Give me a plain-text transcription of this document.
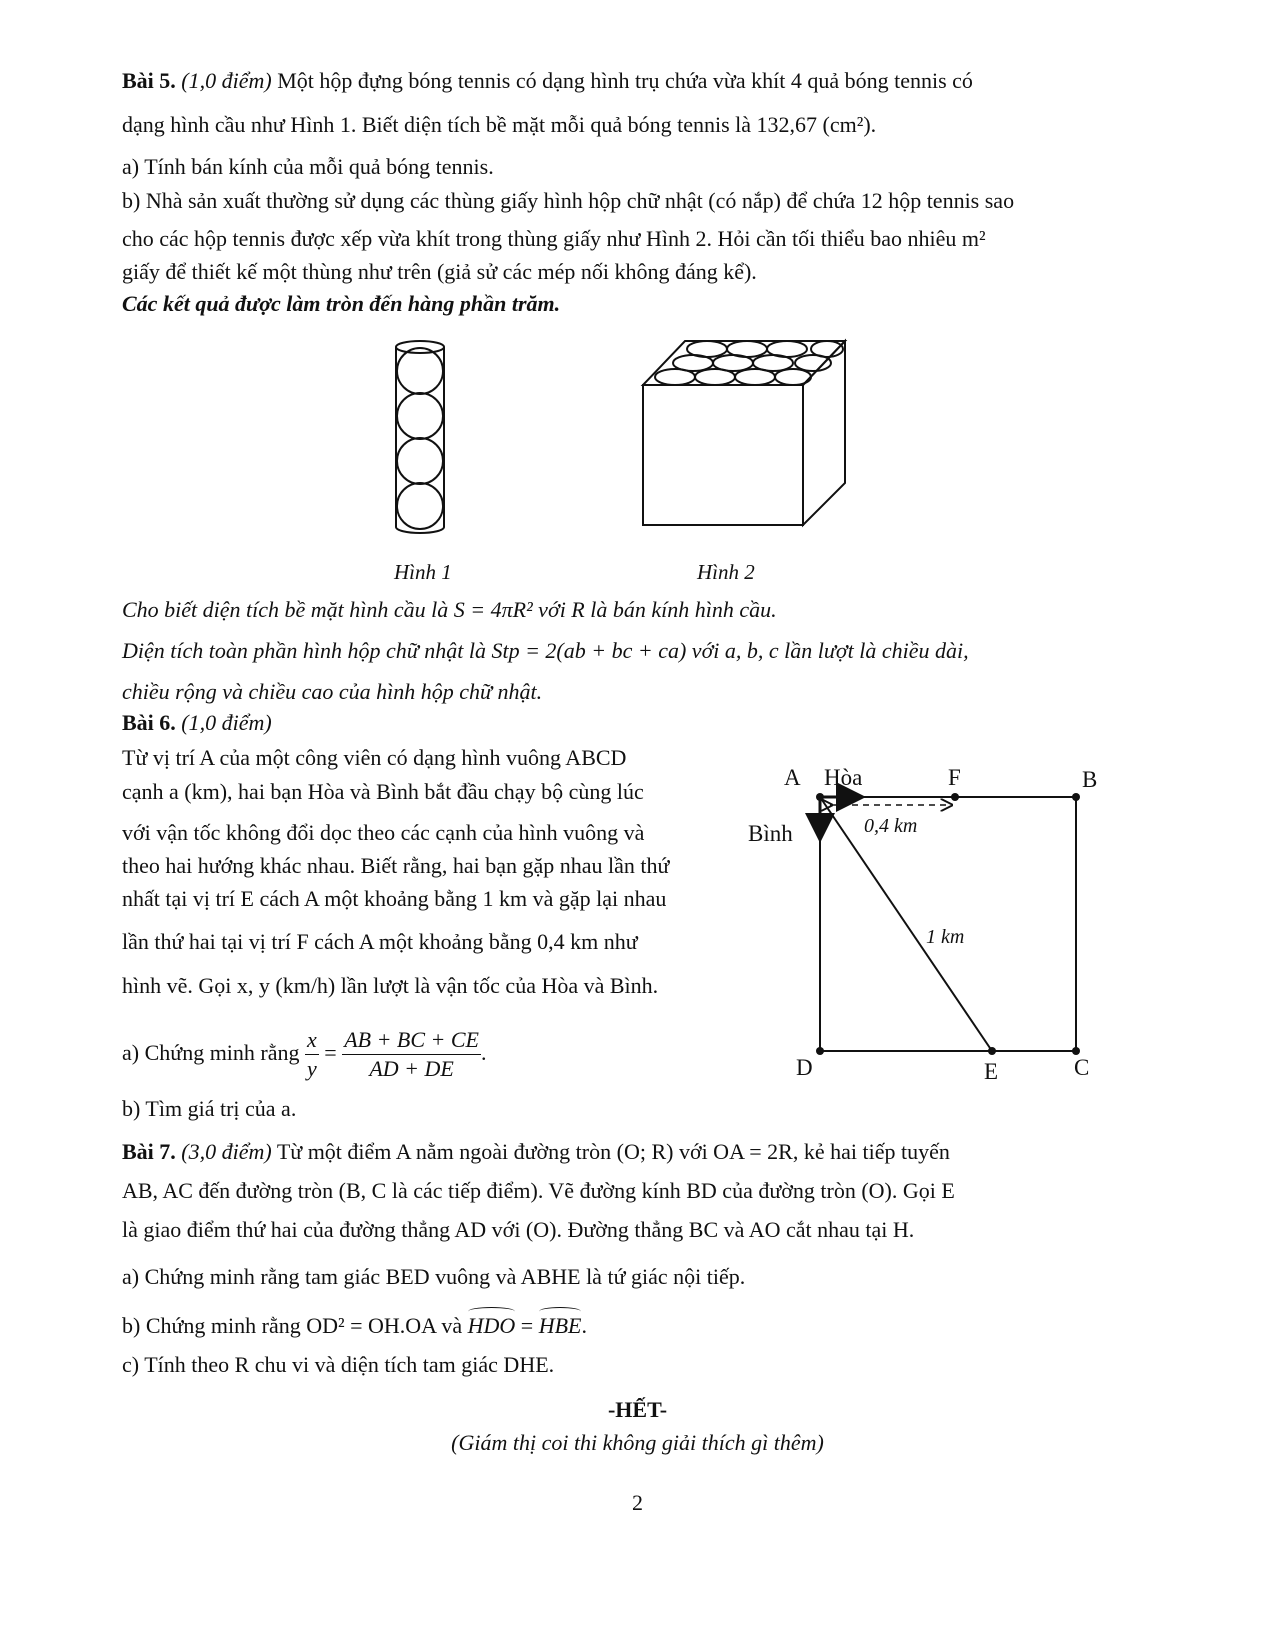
Bài 5. (1,0 điểm) Một hộp đựng bóng tennis có dạng hình trụ chứa vừa khít 4 quả bóng tennis có
dạng hình cầu như Hình 1. Biết diện tích bề mặt mỗi quả bóng tennis là 132,67 (cm²).
a) Tính bán kính của mỗi quả bóng tennis.
b) Nhà sản xuất thường sử dụng các thùng giấy hình hộp chữ nhật (có nắp) để chứa 12 hộp tennis sao
cho các hộp tennis được xếp vừa khít trong thùng giấy như Hình 2. Hỏi cần tối thiểu bao nhiêu m²
giấy để thiết kế một thùng như trên (giả sử các mép nối không đáng kể).
Các kết quả được làm tròn đến hàng phần trăm.
Hình 1	Hình 2
Cho biết diện tích bề mặt hình cầu là S = 4πR² với R là bán kính hình cầu.
Diện tích toàn phần hình hộp chữ nhật là Stp = 2(ab + bc + ca) với a, b, c lần lượt là chiều dài,
chiều rộng và chiều cao của hình hộp chữ nhật.
Bài 6. (1,0 điểm)
Từ vị trí A của một công viên có dạng hình vuông ABCD
cạnh a (km), hai bạn Hòa và Bình bắt đầu chạy bộ cùng lúc
với vận tốc không đổi dọc theo các cạnh của hình vuông và
theo hai hướng khác nhau. Biết rằng, hai bạn gặp nhau lần thứ
nhất tại vị trí E cách A một khoảng bằng 1 km và gặp lại nhau
lần thứ hai tại vị trí F cách A một khoảng bằng 0,4 km như
hình vẽ. Gọi x, y (km/h) lần lượt là vận tốc của Hòa và Bình.
a) Chứng minh rằng $\frac{x}{y} = \frac{AB + BC + CE}{AD + DE}$ .
b) Tìm giá trị của a.
A Hòa	F	B
Bình
D	E	C
0,4 km
1 km
Bài 7. (3,0 điểm) Từ một điểm A nằm ngoài đường tròn (O; R) với OA = 2R, kẻ hai tiếp tuyến
AB, AC đến đường tròn (B, C là các tiếp điểm). Vẽ đường kính BD của đường tròn (O). Gọi E
là giao điểm thứ hai của đường thẳng AD với (O). Đường thẳng BC và AO cắt nhau tại H.
a) Chứng minh rằng tam giác BED vuông và ABHE là tứ giác nội tiếp.
b) Chứng minh rằng OD² = OH.OA và HDO = HBE.
c) Tính theo R chu vi và diện tích tam giác DHE.
-HẾT-
(Giám thị coi thi không giải thích gì thêm)
2
